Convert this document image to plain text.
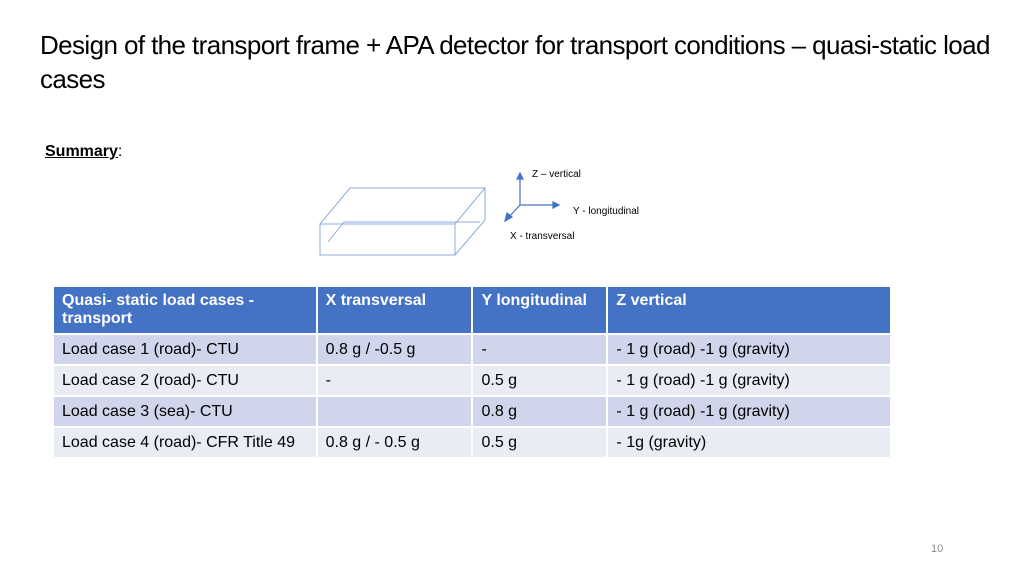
Design of the transport frame + APA detector for transport conditions – quasi-static load cases
Summary:
Z – vertical
Y - longitudinal
X - transversal
Quasi- static load cases - transport	X transversal	Y longitudinal	Z vertical
Load case 1 (road)- CTU	0.8 g / -0.5 g	-	- 1 g (road) -1 g (gravity)
Load case 2 (road)- CTU	-	0.5 g	- 1 g (road) -1 g (gravity)
Load case 3 (sea)- CTU		0.8 g	- 1 g (road) -1 g (gravity)
Load case 4 (road)- CFR Title 49	0.8 g / - 0.5 g	0.5 g	- 1g (gravity)
10
